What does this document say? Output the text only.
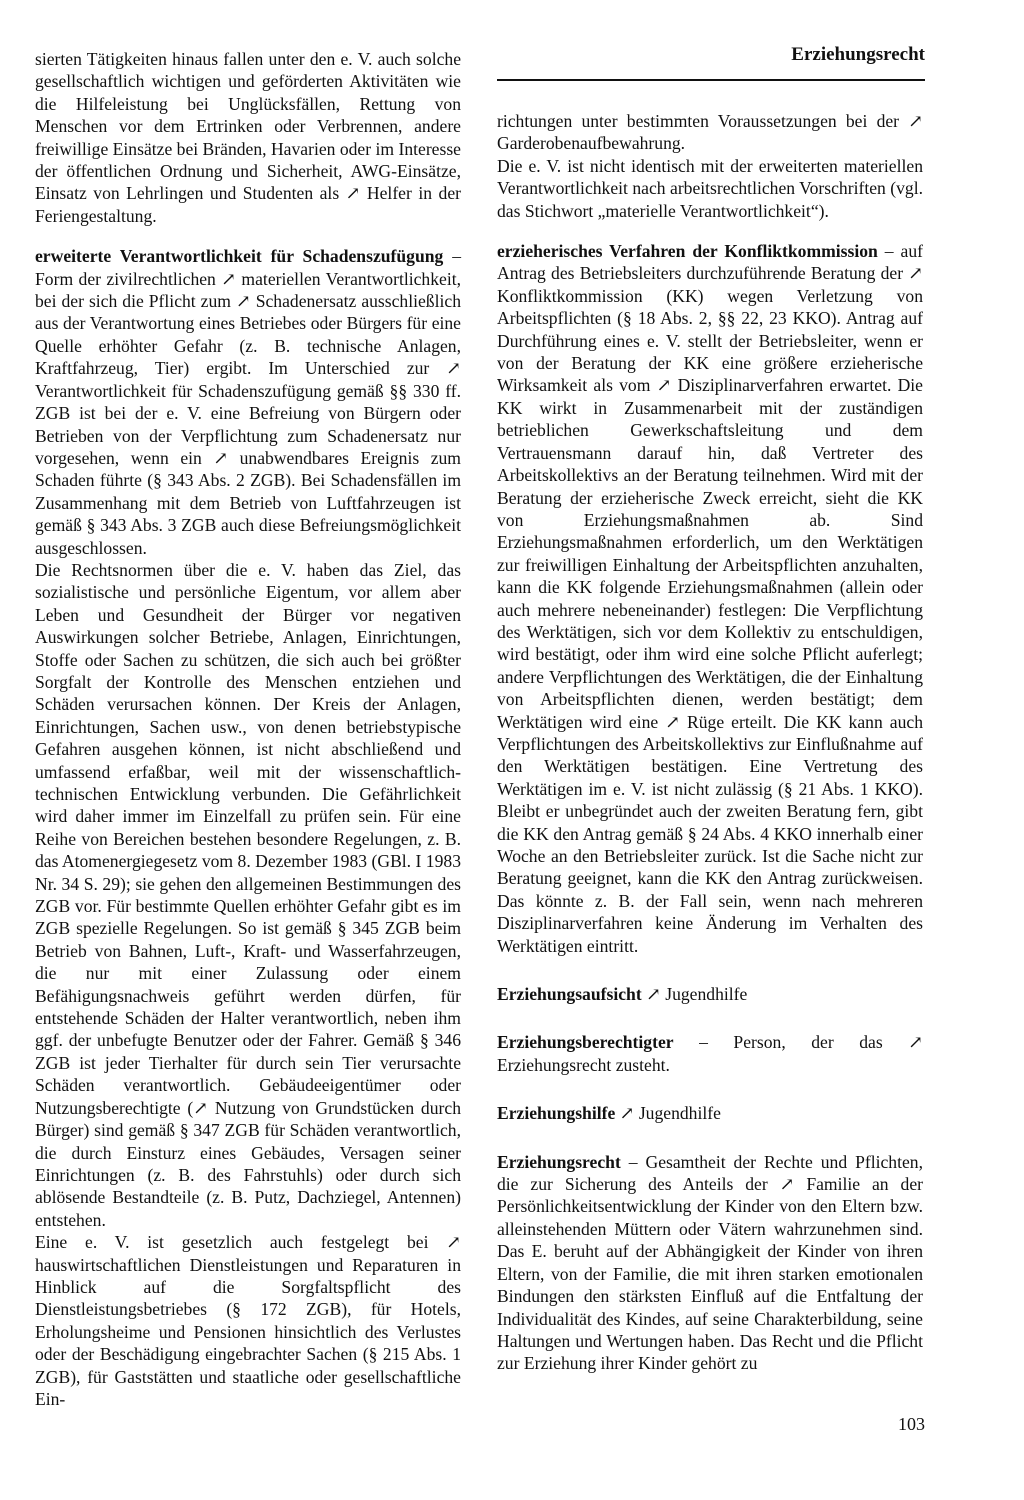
Erziehungsrecht

sierten Tätigkeiten hinaus fallen unter den e. V. auch solche gesellschaftlich wichtigen und geförderten Aktivitäten wie die Hilfeleistung bei Unglücksfällen, Rettung von Menschen vor dem Ertrinken oder Verbrennen, andere freiwillige Einsätze bei Bränden, Havarien oder im Interesse der öffentlichen Ordnung und Sicherheit, AWG-Einsätze, Einsatz von Lehrlingen und Studenten als ↗ Helfer in der Feriengestaltung.

erweiterte Verantwortlichkeit für Schadenszufügung – Form der zivilrechtlichen ↗ materiellen Verantwortlichkeit, bei der sich die Pflicht zum ↗ Schadenersatz ausschließlich aus der Verantwortung eines Betriebes oder Bürgers für eine Quelle erhöhter Gefahr (z. B. technische Anlagen, Kraftfahrzeug, Tier) ergibt. Im Unterschied zur ↗ Verantwortlichkeit für Schadenszufügung gemäß §§ 330 ff. ZGB ist bei der e. V. eine Befreiung von Bürgern oder Betrieben von der Verpflichtung zum Schadenersatz nur vorgesehen, wenn ein ↗ unabwendbares Ereignis zum Schaden führte (§ 343 Abs. 2 ZGB). Bei Schadensfällen im Zusammenhang mit dem Betrieb von Luftfahrzeugen ist gemäß § 343 Abs. 3 ZGB auch diese Befreiungsmöglichkeit ausgeschlossen.

Die Rechtsnormen über die e. V. haben das Ziel, das sozialistische und persönliche Eigentum, vor allem aber Leben und Gesundheit der Bürger vor negativen Auswirkungen solcher Betriebe, Anlagen, Einrichtungen, Stoffe oder Sachen zu schützen, die sich auch bei größter Sorgfalt der Kontrolle des Menschen entziehen und Schäden verursachen können. Der Kreis der Anlagen, Einrichtungen, Sachen usw., von denen betriebstypische Gefahren ausgehen können, ist nicht abschließend und umfassend erfaßbar, weil mit der wissenschaftlich-technischen Entwicklung verbunden. Die Gefährlichkeit wird daher immer im Einzelfall zu prüfen sein. Für eine Reihe von Bereichen bestehen besondere Regelungen, z. B. das Atomenergiegesetz vom 8. Dezember 1983 (GBl. I 1983 Nr. 34 S. 29); sie gehen den allgemeinen Bestimmungen des ZGB vor. Für bestimmte Quellen erhöhter Gefahr gibt es im ZGB spezielle Regelungen. So ist gemäß § 345 ZGB beim Betrieb von Bahnen, Luft-, Kraft- und Wasserfahrzeugen, die nur mit einer Zulassung oder einem Befähigungsnachweis geführt werden dürfen, für entstehende Schäden der Halter verantwortlich, neben ihm ggf. der unbefugte Benutzer oder der Fahrer. Gemäß § 346 ZGB ist jeder Tierhalter für durch sein Tier verursachte Schäden verantwortlich. Gebäudeeigentümer oder Nutzungsberechtigte (↗ Nutzung von Grundstücken durch Bürger) sind gemäß § 347 ZGB für Schäden verantwortlich, die durch Einsturz eines Gebäudes, Versagen seiner Einrichtungen (z. B. des Fahrstuhls) oder durch sich ablösende Bestandteile (z. B. Putz, Dachziegel, Antennen) entstehen.

Eine e. V. ist gesetzlich auch festgelegt bei ↗ hauswirtschaftlichen Dienstleistungen und Reparaturen in Hinblick auf die Sorgfaltspflicht des Dienstleistungsbetriebes (§ 172 ZGB), für Hotels, Erholungsheime und Pensionen hinsichtlich des Verlustes oder der Beschädigung eingebrachter Sachen (§ 215 Abs. 1 ZGB), für Gaststätten und staatliche oder gesellschaftliche Ein-

richtungen unter bestimmten Voraussetzungen bei der ↗ Garderobenaufbewahrung.

Die e. V. ist nicht identisch mit der erweiterten materiellen Verantwortlichkeit nach arbeitsrechtlichen Vorschriften (vgl. das Stichwort „materielle Verantwortlichkeit“).

erzieherisches Verfahren der Konfliktkommission – auf Antrag des Betriebsleiters durchzuführende Beratung der ↗ Konfliktkommission (KK) wegen Verletzung von Arbeitspflichten (§ 18 Abs. 2, §§ 22, 23 KKO). Antrag auf Durchführung eines e. V. stellt der Betriebsleiter, wenn er von der Beratung der KK eine größere erzieherische Wirksamkeit als vom ↗ Disziplinarverfahren erwartet. Die KK wirkt in Zusammenarbeit mit der zuständigen betrieblichen Gewerkschaftsleitung und dem Vertrauensmann darauf hin, daß Vertreter des Arbeitskollektivs an der Beratung teilnehmen. Wird mit der Beratung der erzieherische Zweck erreicht, sieht die KK von Erziehungsmaßnahmen ab. Sind Erziehungsmaßnahmen erforderlich, um den Werktätigen zur freiwilligen Einhaltung der Arbeitspflichten anzuhalten, kann die KK folgende Erziehungsmaßnahmen (allein oder auch mehrere nebeneinander) festlegen: Die Verpflichtung des Werktätigen, sich vor dem Kollektiv zu entschuldigen, wird bestätigt, oder ihm wird eine solche Pflicht auferlegt; andere Verpflichtungen des Werktätigen, die der Einhaltung von Arbeitspflichten dienen, werden bestätigt; dem Werktätigen wird eine ↗ Rüge erteilt. Die KK kann auch Verpflichtungen des Arbeitskollektivs zur Einflußnahme auf den Werktätigen bestätigen. Eine Vertretung des Werktätigen im e. V. ist nicht zulässig (§ 21 Abs. 1 KKO). Bleibt er unbegründet auch der zweiten Beratung fern, gibt die KK den Antrag gemäß § 24 Abs. 4 KKO innerhalb einer Woche an den Betriebsleiter zurück. Ist die Sache nicht zur Beratung geeignet, kann die KK den Antrag zurückweisen. Das könnte z. B. der Fall sein, wenn nach mehreren Disziplinarverfahren keine Änderung im Verhalten des Werktätigen eintritt.

Erziehungsaufsicht ↗ Jugendhilfe

Erziehungsberechtigter – Person, der das ↗ Erziehungsrecht zusteht.

Erziehungshilfe ↗ Jugendhilfe

Erziehungsrecht – Gesamtheit der Rechte und Pflichten, die zur Sicherung des Anteils der ↗ Familie an der Persönlichkeitsentwicklung der Kinder von den Eltern bzw. alleinstehenden Müttern oder Vätern wahrzunehmen sind. Das E. beruht auf der Abhängigkeit der Kinder von ihren Eltern, von der Familie, die mit ihren starken emotionalen Bindungen den stärksten Einfluß auf die Entfaltung der Individualität des Kindes, auf seine Charakterbildung, seine Haltungen und Wertungen haben. Das Recht und die Pflicht zur Erziehung ihrer Kinder gehört zu

103
